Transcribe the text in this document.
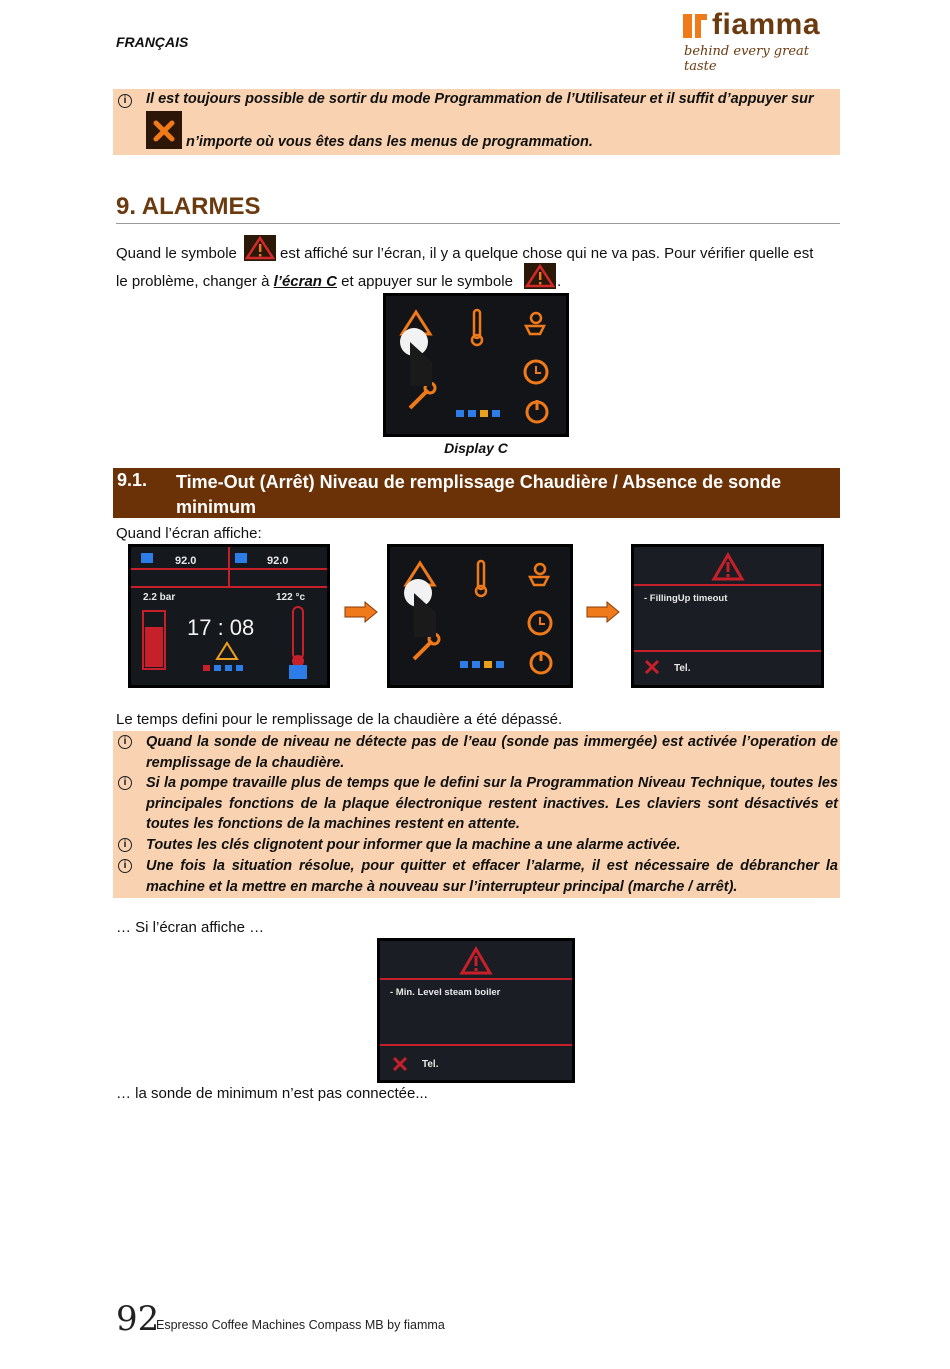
FRANÇAIS
fiamma
behind every great taste
i	Il est toujours possible de sortir du mode Programmation de l’Utilisateur et il suffit d’appuyer sur
n’importe où vous êtes dans les menus de programmation.
9. ALARMES
Quand le symbole	est affiché sur l’écran, il y a quelque chose qui ne va pas. Pour vérifier quelle est
le problème, changer à l’écran C et appuyer sur le symbole	.
Display C
9.1. Time-Out (Arrêt) Niveau de remplissage Chaudière / Absence de sonde minimum
Quand l’écran affiche:
92.0	92.0
2.2 bar	122 °c
17 : 08
- FillingUp timeout
Tel.
Le temps defini pour le remplissage de la chaudière a été dépassé.
i	Quand la sonde de niveau ne détecte pas de l’eau (sonde pas immergée) est activée l’operation de remplissage de la chaudière.
i	Si la pompe travaille plus de temps que le defini sur la Programmation Niveau Technique, toutes les principales fonctions de la plaque électronique restent inactives. Les claviers sont désactivés et toutes les fonctions de la machines restent en attente.
i	Toutes les clés clignotent pour informer que la machine a une alarme activée.
i	Une fois la situation résolue, pour quitter et effacer l’alarme, il est nécessaire de débrancher la machine et la mettre en marche à nouveau sur l’interrupteur principal (marche / arrêt).
… Si l’écran affiche …
- Min. Level steam boiler
Tel.
… la sonde de minimum n’est pas connectée...
92
Espresso Coffee Machines Compass MB by fiamma
